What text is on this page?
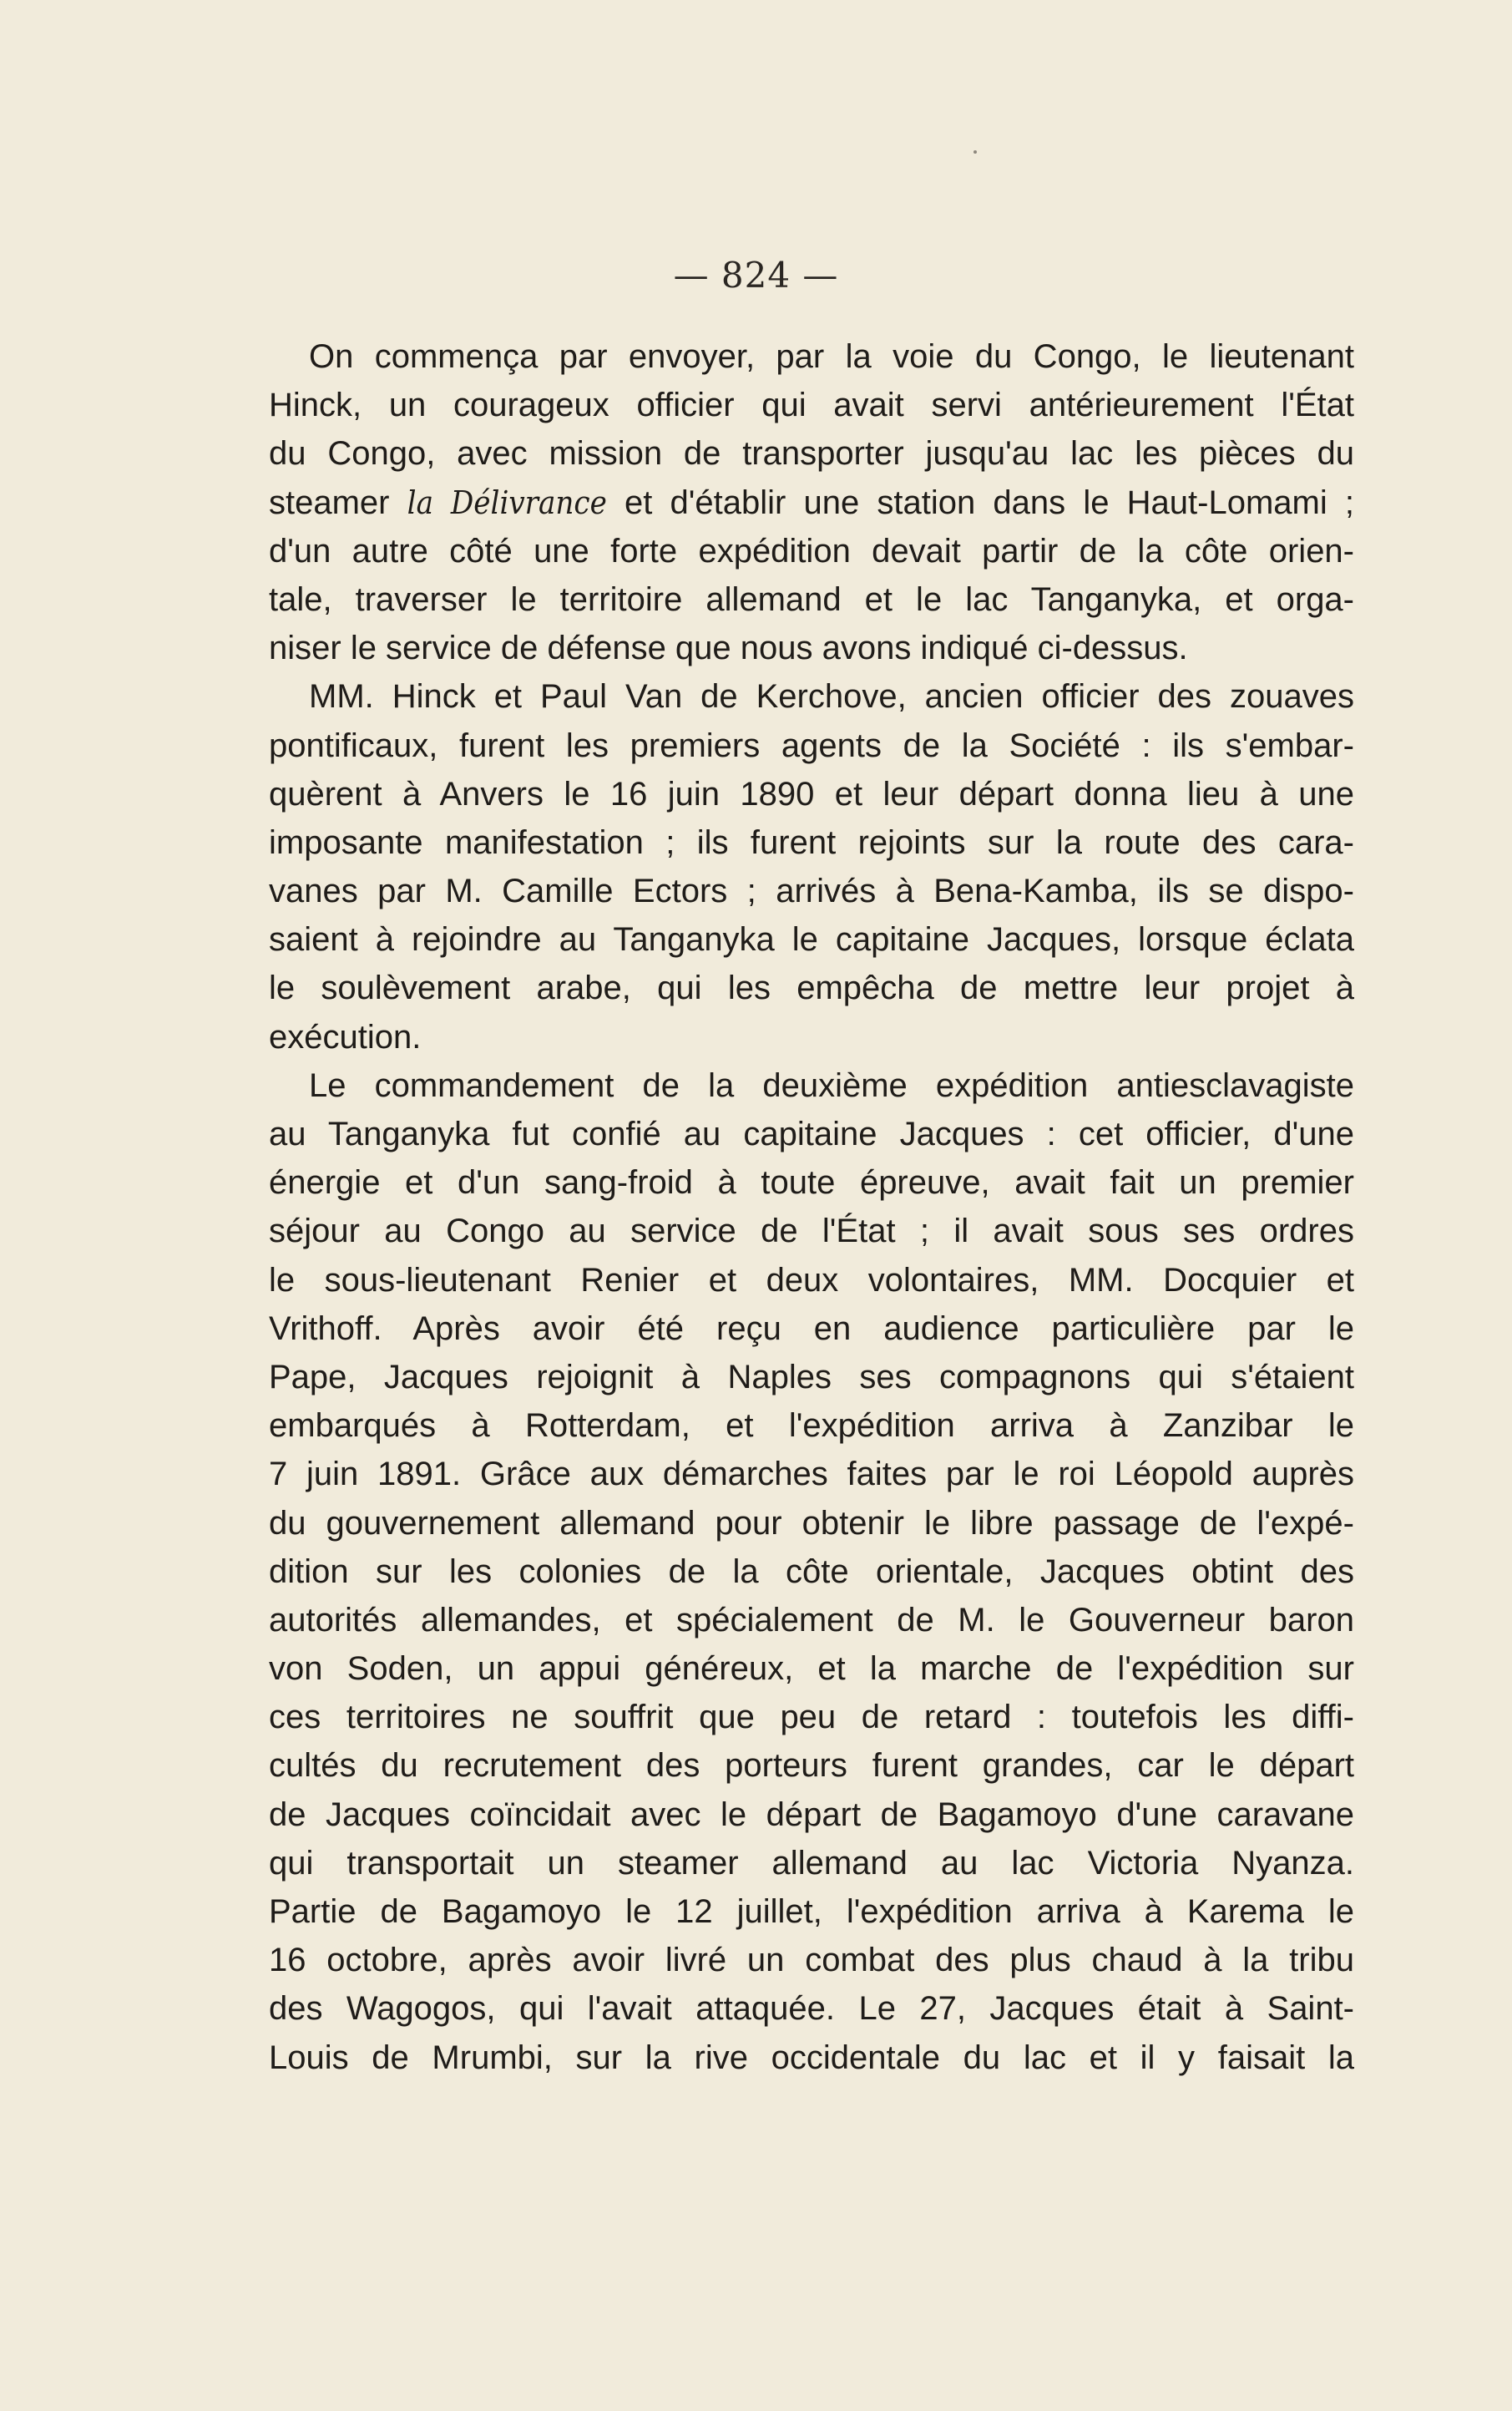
— 824 —
On commença par envoyer, par la voie du Congo, le lieutenant
Hinck, un courageux officier qui avait servi antérieurement l'État
du Congo, avec mission de transporter jusqu'au lac les pièces du
steamer la Délivrance et d'établir une station dans le Haut-Lomami ;
d'un autre côté une forte expédition devait partir de la côte orien-
tale, traverser le territoire allemand et le lac Tanganyka, et orga-
niser le service de défense que nous avons indiqué ci-dessus.
MM. Hinck et Paul Van de Kerchove, ancien officier des zouaves
pontificaux, furent les premiers agents de la Société : ils s'embar-
quèrent à Anvers le 16 juin 1890 et leur départ donna lieu à une
imposante manifestation ; ils furent rejoints sur la route des cara-
vanes par M. Camille Ectors ; arrivés à Bena-Kamba, ils se dispo-
saient à rejoindre au Tanganyka le capitaine Jacques, lorsque éclata
le soulèvement arabe, qui les empêcha de mettre leur projet à
exécution.
Le commandement de la deuxième expédition antiesclavagiste
au Tanganyka fut confié au capitaine Jacques : cet officier, d'une
énergie et d'un sang-froid à toute épreuve, avait fait un premier
séjour au Congo au service de l'État ; il avait sous ses ordres
le sous-lieutenant Renier et deux volontaires, MM. Docquier et
Vrithoff. Après avoir été reçu en audience particulière par le
Pape, Jacques rejoignit à Naples ses compagnons qui s'étaient
embarqués à Rotterdam, et l'expédition arriva à Zanzibar le
7 juin 1891. Grâce aux démarches faites par le roi Léopold auprès
du gouvernement allemand pour obtenir le libre passage de l'expé-
dition sur les colonies de la côte orientale, Jacques obtint des
autorités allemandes, et spécialement de M. le Gouverneur baron
von Soden, un appui généreux, et la marche de l'expédition sur
ces territoires ne souffrit que peu de retard : toutefois les diffi-
cultés du recrutement des porteurs furent grandes, car le départ
de Jacques coïncidait avec le départ de Bagamoyo d'une caravane
qui transportait un steamer allemand au lac Victoria Nyanza.
Partie de Bagamoyo le 12 juillet, l'expédition arriva à Karema le
16 octobre, après avoir livré un combat des plus chaud à la tribu
des Wagogos, qui l'avait attaquée. Le 27, Jacques était à Saint-
Louis de Mrumbi, sur la rive occidentale du lac et il y faisait la
